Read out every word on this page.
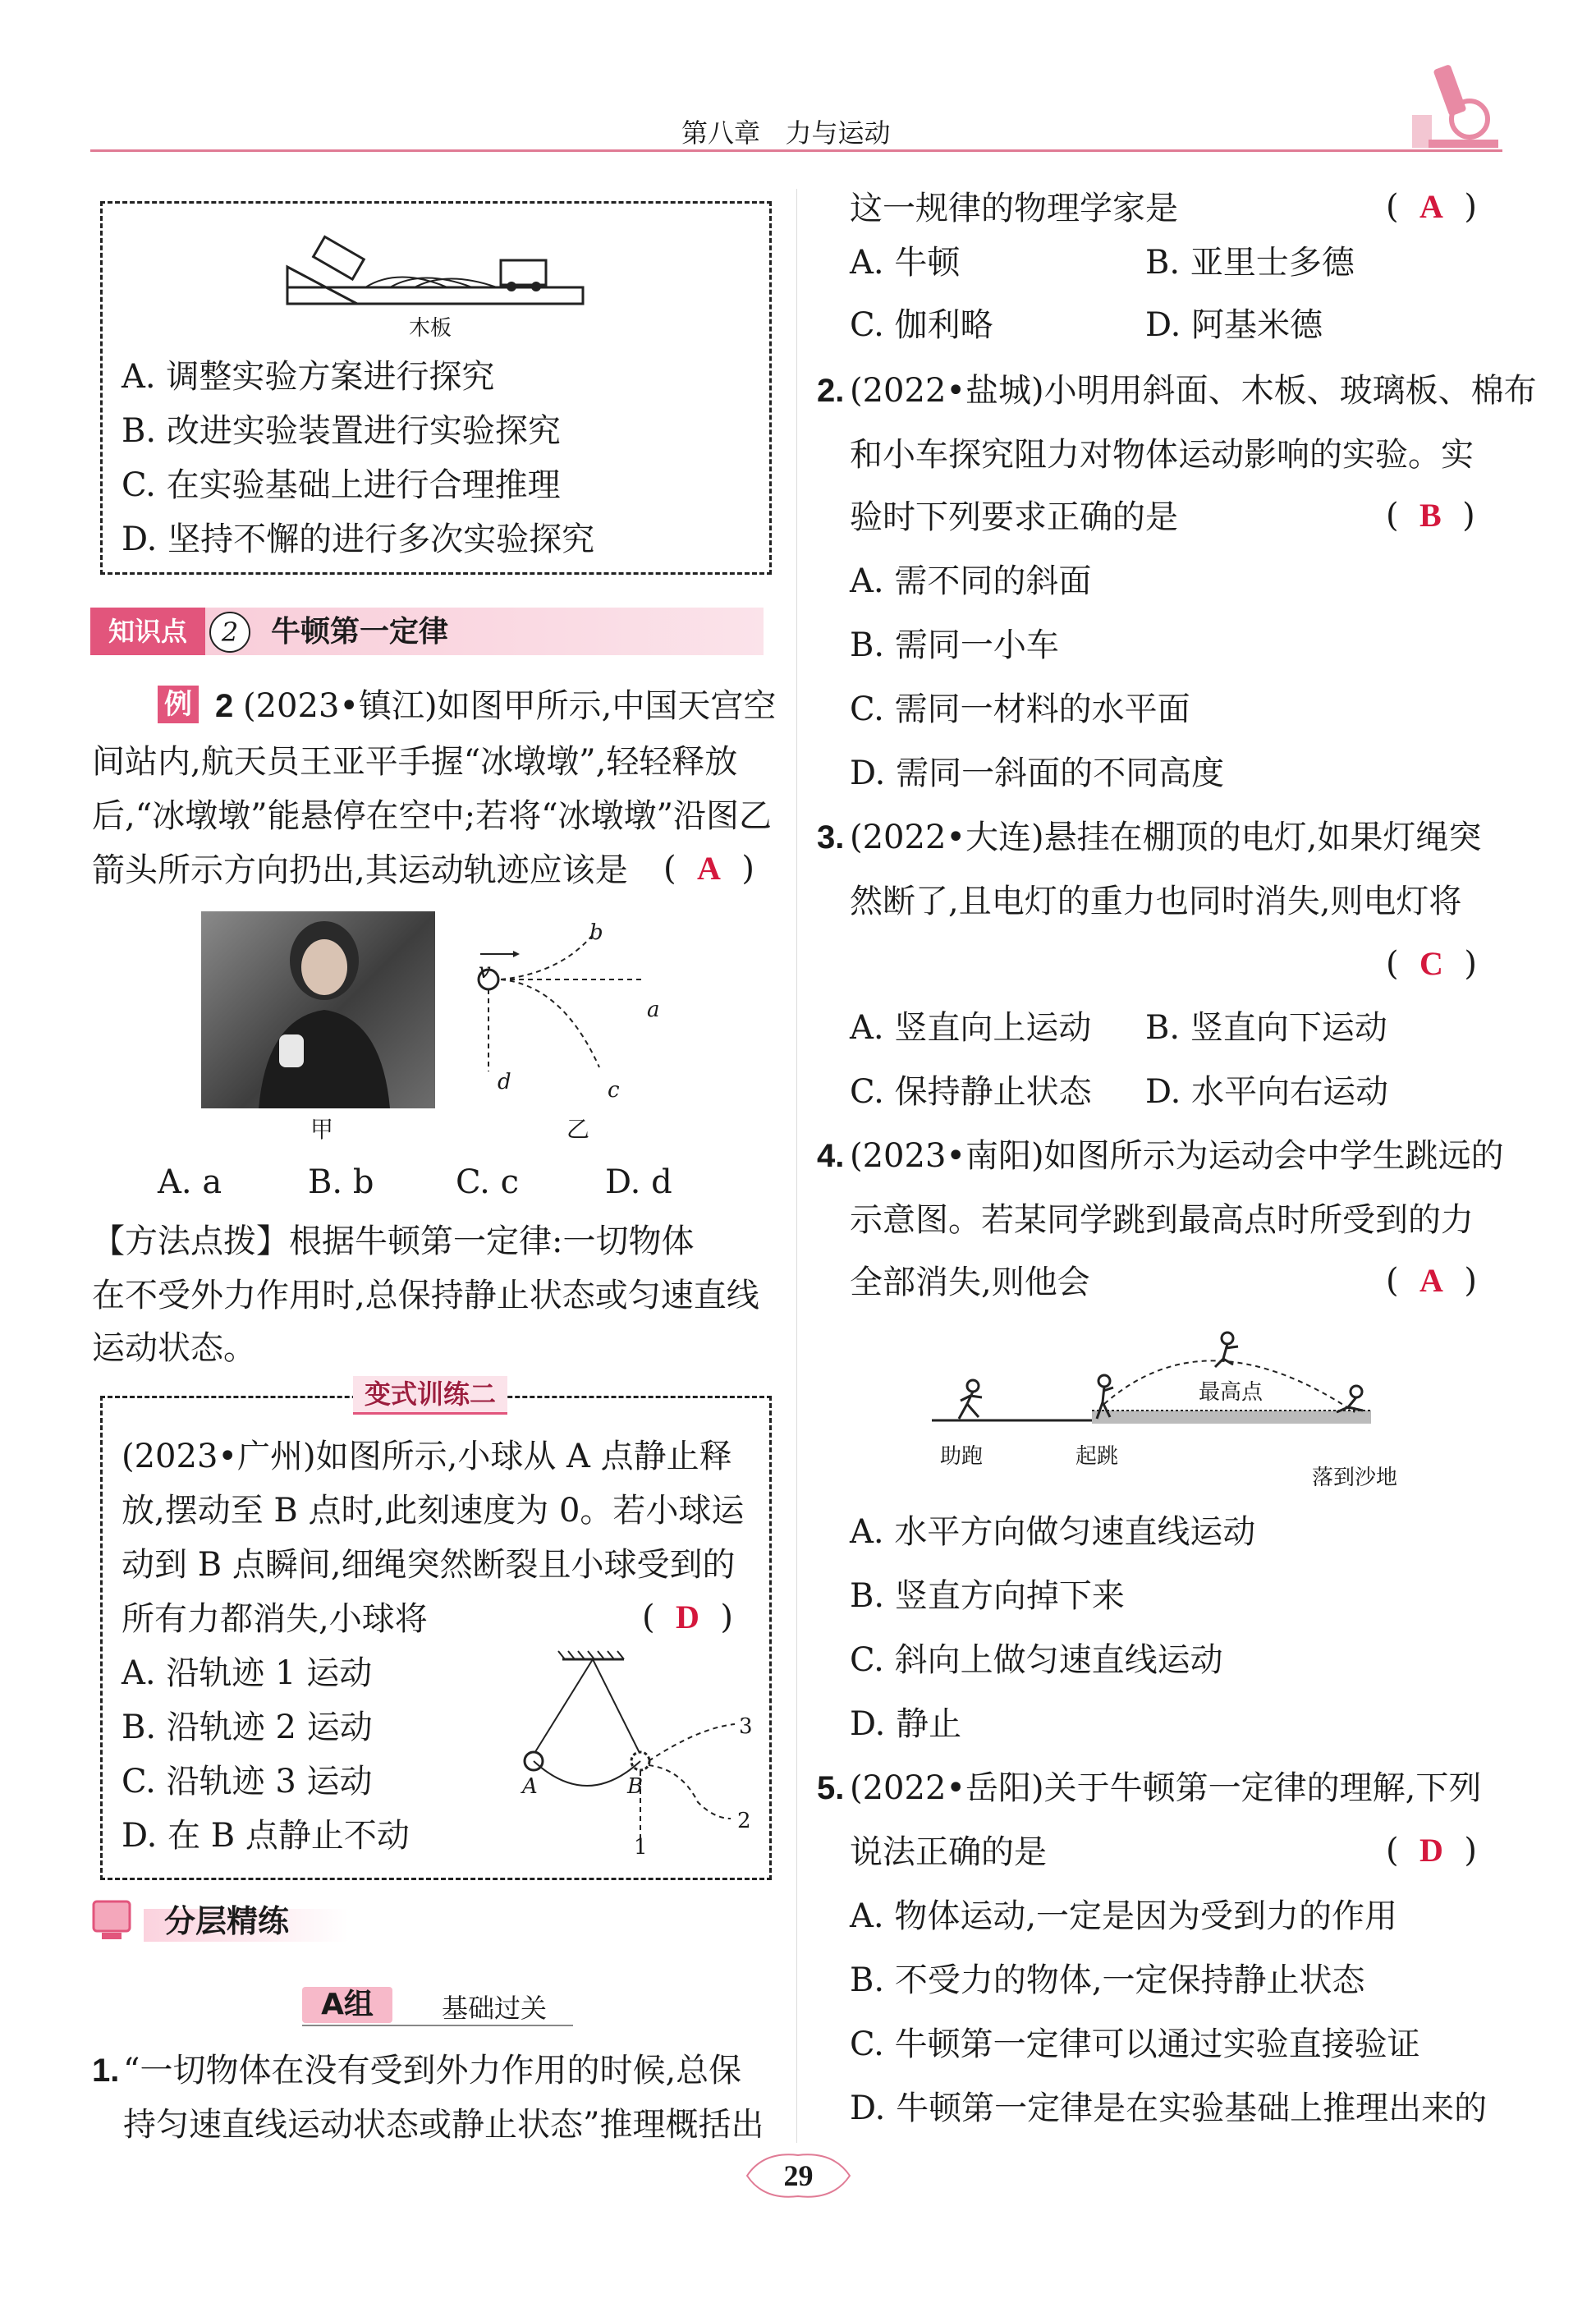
第八章 力与运动
木板
A. 调整实验方案进行探究
B. 改进实验装置进行实验探究
C. 在实验基础上进行合理推理
D. 坚持不懈的进行多次实验探究
知识点	2	牛顿第一定律
例 2 (2023•镇江)如图甲所示,中国天宫空
间站内,航天员王亚平手握“冰墩墩”,轻轻释放
后,“冰墩墩”能悬停在空中;若将“冰墩墩”沿图乙
箭头所示方向扔出,其运动轨迹应该是 (  A  )
甲
v
b
a
c
d
乙
A. a	B. b C. c	D. d
【方法点拨】根据牛顿第一定律:一切物体
在不受外力作用时,总保持静止状态或匀速直线
运动状态。
变式训练二
(2023•广州)如图所示,小球从 A 点静止释
放,摆动至 B 点时,此刻速度为 0。若小球运
动到 B 点瞬间,细绳突然断裂且小球受到的
所有力都消失,小球将	(  D  )
A. 沿轨迹 1 运动
B. 沿轨迹 2 运动
C. 沿轨迹 3 运动
D. 在 B 点静止不动
A	B
3
2
1
分层精练
A组	基础过关
1. “一切物体在没有受到外力作用的时候,总保
持匀速直线运动状态或静止状态”推理概括出
这一规律的物理学家是	(  A  )
A. 牛顿	B. 亚里士多德
C. 伽利略	D. 阿基米德
2. (2022•盐城)小明用斜面、木板、玻璃板、棉布
和小车探究阻力对物体运动影响的实验。实
验时下列要求正确的是	(  B  )
A. 需不同的斜面
B. 需同一小车
C. 需同一材料的水平面
D. 需同一斜面的不同高度
3. (2022•大连)悬挂在棚顶的电灯,如果灯绳突
然断了,且电灯的重力也同时消失,则电灯将
(  C  )
A. 竖直向上运动 B. 竖直向下运动
C. 保持静止状态 D. 水平向右运动
4. (2023•南阳)如图所示为运动会中学生跳远的
示意图。若某同学跳到最高点时所受到的力
全部消失,则他会	(  A  )
最高点
助跑	起跳
落到沙地
A. 水平方向做匀速直线运动
B. 竖直方向掉下来
C. 斜向上做匀速直线运动
D. 静止
5. (2022•岳阳)关于牛顿第一定律的理解,下列
说法正确的是	(  D  )
A. 物体运动,一定是因为受到力的作用
B. 不受力的物体,一定保持静止状态
C. 牛顿第一定律可以通过实验直接验证
D. 牛顿第一定律是在实验基础上推理出来的
29
